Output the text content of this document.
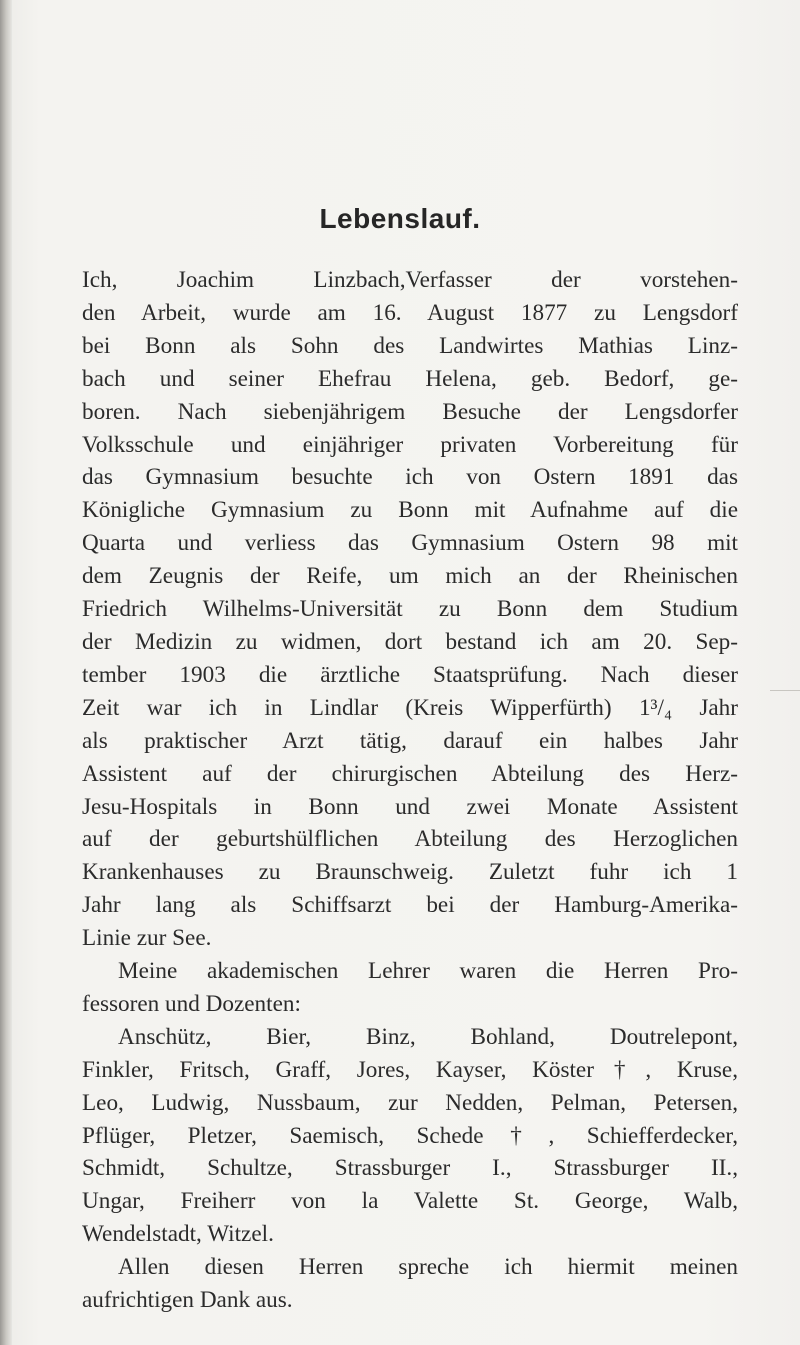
Lebenslauf.
Ich, Joachim Linzbach,Verfasser der vorstehen-
den Arbeit, wurde am 16. August 1877 zu Lengsdorf
bei Bonn als Sohn des Landwirtes Mathias Linz-
bach und seiner Ehefrau Helena, geb. Bedorf, ge-
boren. Nach siebenjährigem Besuche der Lengsdorfer
Volksschule und einjähriger privaten Vorbereitung für
das Gymnasium besuchte ich von Ostern 1891 das
Königliche Gymnasium zu Bonn mit Aufnahme auf die
Quarta und verliess das Gymnasium Ostern 98 mit
dem Zeugnis der Reife, um mich an der Rheinischen
Friedrich Wilhelms-Universität zu Bonn dem Studium
der Medizin zu widmen, dort bestand ich am 20. Sep-
tember 1903 die ärztliche Staatsprüfung. Nach dieser
Zeit war ich in Lindlar (Kreis Wipperfürth) 1³/₄ Jahr
als praktischer Arzt tätig, darauf ein halbes Jahr
Assistent auf der chirurgischen Abteilung des Herz-
Jesu-Hospitals in Bonn und zwei Monate Assistent
auf der geburtshülflichen Abteilung des Herzoglichen
Krankenhauses zu Braunschweig. Zuletzt fuhr ich 1
Jahr lang als Schiffsarzt bei der Hamburg-Amerika-
Linie zur See.
Meine akademischen Lehrer waren die Herren Pro-
fessoren und Dozenten:
Anschütz, Bier, Binz, Bohland, Doutrelepont,
Finkler, Fritsch, Graff, Jores, Kayser, Köster†, Kruse,
Leo, Ludwig, Nussbaum, zur Nedden, Pelman, Petersen,
Pflüger, Pletzer, Saemisch, Schede†, Schiefferdecker,
Schmidt, Schultze, Strassburger I., Strassburger II.,
Ungar, Freiherr von la Valette St. George, Walb,
Wendelstadt, Witzel.
Allen diesen Herren spreche ich hiermit meinen
aufrichtigen Dank aus.
